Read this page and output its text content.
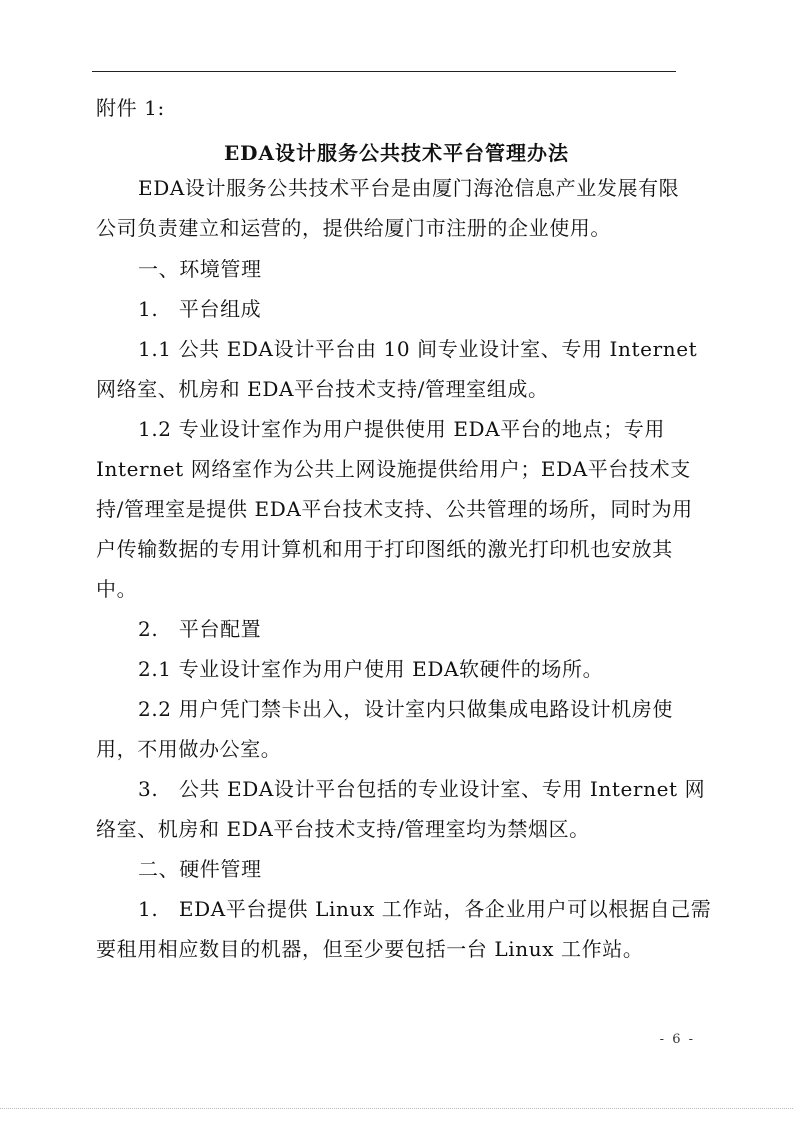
附件 1:
EDA设计服务公共技术平台管理办法
EDA设计服务公共技术平台是由厦门海沧信息产业发展有限
公司负责建立和运营的，提供给厦门市注册的企业使用。
一、环境管理
1.　平台组成
1.1 公共 EDA设计平台由 10 间专业设计室、专用 Internet
网络室、机房和 EDA平台技术支持/管理室组成。
1.2 专业设计室作为用户提供使用 EDA平台的地点；专用
Internet 网络室作为公共上网设施提供给用户；EDA平台技术支
持/管理室是提供 EDA平台技术支持、公共管理的场所，同时为用
户传输数据的专用计算机和用于打印图纸的激光打印机也安放其
中。
2.　平台配置
2.1 专业设计室作为用户使用 EDA软硬件的场所。
2.2 用户凭门禁卡出入，设计室内只做集成电路设计机房使
用，不用做办公室。
3.　公共 EDA设计平台包括的专业设计室、专用 Internet 网
络室、机房和 EDA平台技术支持/管理室均为禁烟区。
二、硬件管理
1.　EDA平台提供 Linux 工作站，各企业用户可以根据自己需
要租用相应数目的机器，但至少要包括一台 Linux 工作站。
- 6 -
